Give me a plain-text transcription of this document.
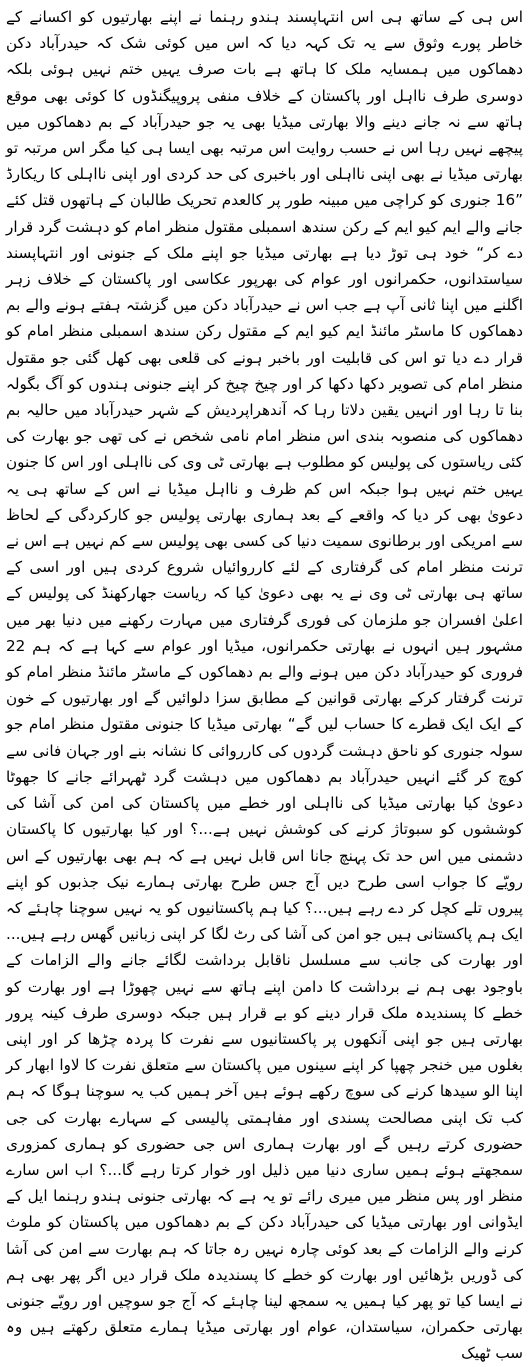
اس ہی کے ساتھ ہی اس انتہاپسند ہندو رہنما نے اپنے بھارتیوں کو اکسانے کے خاطر پورے وثوق سے یہ تک کہہ دیا کہ اس میں کوئی شک کہ حیدرآباد دکن دھماکوں میں ہمسایہ ملک کا ہاتھ ہے بات صرف یہیں ختم نہیں ہوئی بلکہ دوسری طرف نااہل اور پاکستان کے خلاف منفی پروپیگنڈوں کا کوئی بھی موقع ہاتھ سے نہ جانے دینے والا بھارتی میڈیا بھی یہ جو حیدرآباد کے بم دھماکوں میں پیچھے نہیں رہا اس نے حسب روایت اس مرتبہ بھی ایسا ہی کیا مگر اس مرتبہ تو بھارتی میڈیا نے بھی اپنی نااہلی اور باخبری کی حد کردی اور اپنی نااہلی کا ریکارڈ ”16 جنوری کو کراچی میں مبینہ طور پر کالعدم تحریک طالبان کے ہاتھوں قتل کئے جانے والے ایم کیو ایم کے رکن سندھ اسمبلی مقتول منظر امام کو دہشت گرد قرار دے کر“ خود ہی توڑ دیا ہے بھارتی میڈیا جو اپنے ملک کے جنونی اور انتہاپسند سیاستدانوں، حکمرانوں اور عوام کی بھرپور عکاسی اور پاکستان کے خلاف زہر اگلنے میں اپنا ثانی آپ ہے جب اس نے حیدرآباد دکن میں گزشتہ ہفتے ہونے والے بم دھماکوں کا ماسٹر مائنڈ ایم کیو ایم کے مقتول رکن سندھ اسمبلی منظر امام کو قرار دے دیا تو اس کی قابلیت اور باخبر ہونے کی قلعی بھی کھل گئی جو مقتول منظر امام کی تصویر دکھا دکھا کر اور چیخ چیخ کر اپنے جنونی ہندوں کو آگ بگولہ بنا تا رہا اور انہیں یقین دلاتا رہا کہ آندھراپردیش کے شہر حیدرآباد میں حالیہ بم دھماکوں کی منصوبہ بندی اس منظر امام نامی شخص نے کی تھی جو بھارت کی کئی ریاستوں کی پولیس کو مطلوب ہے بھارتی ٹی وی کی نااہلی اور اس کا جنون یہیں ختم نہیں ہوا جبکہ اس کم ظرف و نااہل میڈیا نے اس کے ساتھ ہی یہ دعویٰ بھی کر دیا کہ واقعے کے بعد ہماری بھارتی پولیس جو کارکردگی کے لحاظ سے امریکی اور برطانوی سمیت دنیا کی کسی بھی پولیس سے کم نہیں ہے اس نے ترنت منظر امام کی گرفتاری کے لئے کارروائیاں شروع کردی ہیں اور اسی کے ساتھ ہی بھارتی ٹی وی نے یہ بھی دعویٰ کیا کہ ریاست جھارکھنڈ کی پولیس کے اعلیٰ افسران جو ملزمان کی فوری گرفتاری میں مہارت رکھنے میں دنیا بھر میں مشہور ہیں انہوں نے بھارتی حکمرانوں، میڈیا اور عوام سے کہا ہے کہ ہم 22 فروری کو حیدرآباد دکن میں ہونے والے بم دھماکوں کے ماسٹر مائنڈ منظر امام کو ترنت گرفتار کرکے بھارتی قوانین کے مطابق سزا دلوائیں گے اور بھارتیوں کے خون کے ایک ایک قطرے کا حساب لیں گے“ بھارتی میڈیا کا جنونی مقتول منظر امام جو سولہ جنوری کو ناحق دہشت گردوں کی کارروائی کا نشانہ بنے اور جہان فانی سے کوچ کر گئے انہیں حیدرآباد بم دھماکوں میں دہشت گرد ٹھہرائے جانے کا جھوٹا دعویٰ کیا بھارتی میڈیا کی نااہلی اور خطے میں پاکستان کی امن کی آشا کی کوششوں کو سبوتاژ کرنے کی کوشش نہیں ہے...؟ اور کیا بھارتیوں کا پاکستان دشمنی میں اس حد تک پہنچ جانا اس قابل نہیں ہے کہ ہم بھی بھارتیوں کے اس رویّے کا جواب اسی طرح دیں آج جس طرح بھارتی ہمارے نیک جذبوں کو اپنے پیروں تلے کچل کر دے رہے ہیں...؟ کیا ہم پاکستانیوں کو یہ نہیں سوچنا چاہئے کہ ایک ہم پاکستانی ہیں جو امن کی آشا کی رٹ لگا کر اپنی زبانیں گھس رہے ہیں... اور بھارت کی جانب سے مسلسل ناقابل برداشت لگائے جانے والے الزامات کے باوجود بھی ہم نے برداشت کا دامن اپنے ہاتھ سے نہیں چھوڑا ہے اور بھارت کو خطے کا پسندیدہ ملک قرار دینے کو بے قرار ہیں جبکہ دوسری طرف کینہ پرور بھارتی ہیں جو اپنی آنکھوں پر پاکستانیوں سے نفرت کا پردہ چڑھا کر اور اپنی بغلوں میں خنجر چھپا کر اپنے سینوں میں پاکستان سے متعلق نفرت کا لاوا ابھار کر اپنا الو سیدھا کرنے کی سوچ رکھے ہوئے ہیں آخر ہمیں کب یہ سوچنا ہوگا کہ ہم کب تک اپنی مصالحت پسندی اور مفاہمتی پالیسی کے سہارے بھارت کی جی حضوری کرتے رہیں گے اور بھارت ہماری اس جی حضوری کو ہماری کمزوری سمجھتے ہوئے ہمیں ساری دنیا میں ذلیل اور خوار کرتا رہے گا...؟ اب اس سارے منظر اور پس منظر میں میری رائے تو یہ ہے کہ بھارتی جنونی ہندو رہنما ایل کے ایڈوانی اور بھارتی میڈیا کی حیدرآباد دکن کے بم دھماکوں میں پاکستان کو ملوث کرنے والے الزامات کے بعد کوئی چارہ نہیں رہ جاتا کہ ہم بھارت سے امن کی آشا کی ڈوریں بڑھائیں اور بھارت کو خطے کا پسندیدہ ملک قرار دیں اگر پھر بھی ہم نے ایسا کیا تو پھر کیا ہمیں یہ سمجھ لینا چاہئے کہ آج جو سوچیں اور رویّے جنونی بھارتی حکمران، سیاستدان، عوام اور بھارتی میڈیا ہمارے متعلق رکھتے ہیں وہ سب ٹھیک
